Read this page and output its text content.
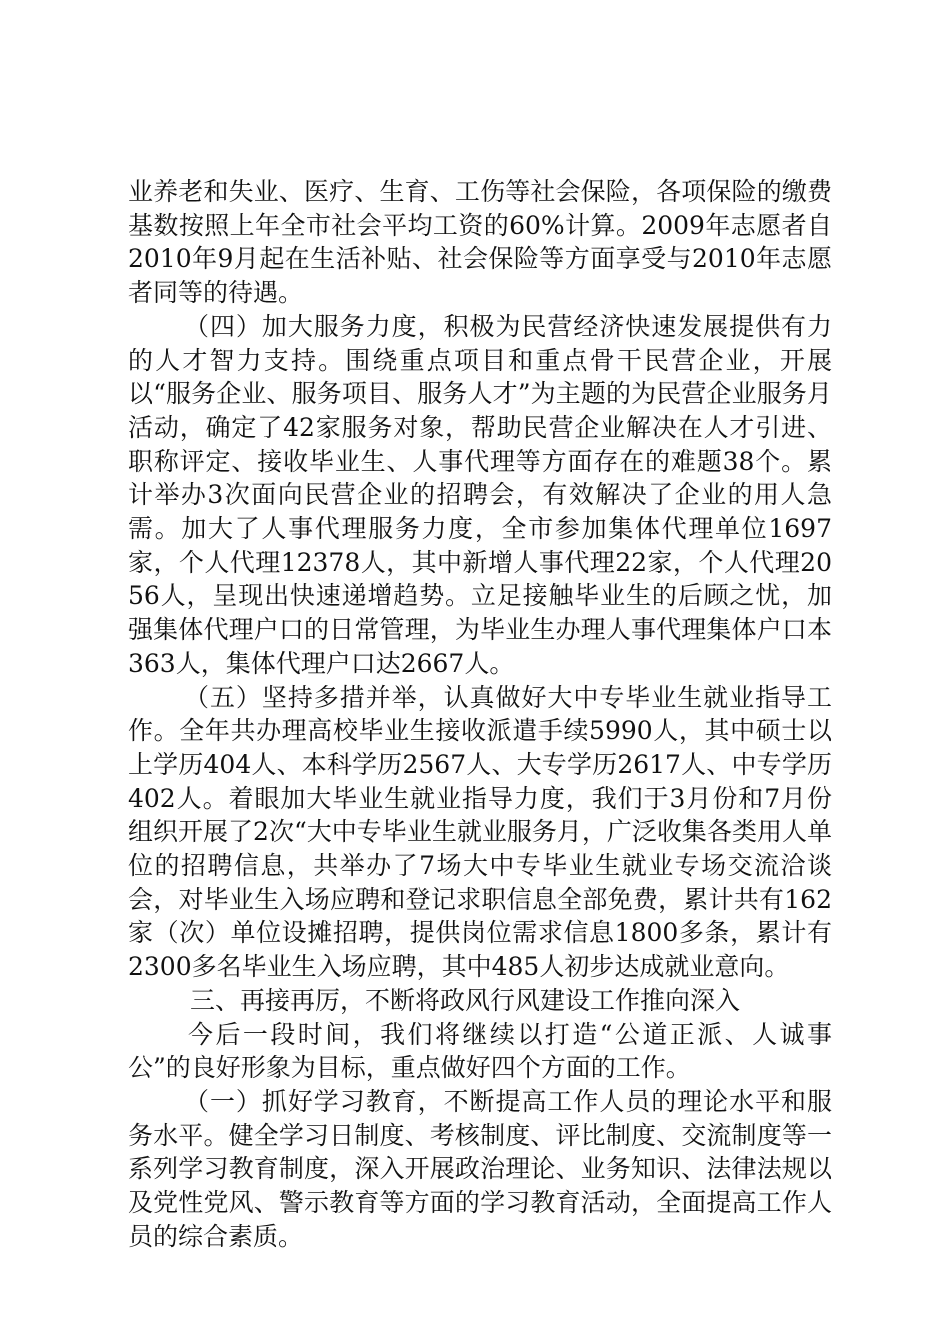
业养老和失业、医疗、生育、工伤等社会保险，各项保险的缴费基数按照上年全市社会平均工资的60%计算。2009年志愿者自2010年9月起在生活补贴、社会保险等方面享受与2010年志愿者同等的待遇。

（四）加大服务力度，积极为民营经济快速发展提供有力的人才智力支持。围绕重点项目和重点骨干民营企业，开展以“服务企业、服务项目、服务人才”为主题的为民营企业服务月活动，确定了42家服务对象，帮助民营企业解决在人才引进、职称评定、接收毕业生、人事代理等方面存在的难题38个。累计举办3次面向民营企业的招聘会，有效解决了企业的用人急需。加大了人事代理服务力度，全市参加集体代理单位1697家，个人代理12378人，其中新增人事代理22家，个人代理2056人，呈现出快速递增趋势。立足接触毕业生的后顾之忧，加强集体代理户口的日常管理，为毕业生办理人事代理集体户口本363人，集体代理户口达2667人。

（五）坚持多措并举，认真做好大中专毕业生就业指导工作。全年共办理高校毕业生接收派遣手续5990人，其中硕士以上学历404人、本科学历2567人、大专学历2617人、中专学历402人。着眼加大毕业生就业指导力度，我们于3月份和7月份组织开展了2次“大中专毕业生就业服务月，广泛收集各类用人单位的招聘信息，共举办了7场大中专毕业生就业专场交流洽谈会，对毕业生入场应聘和登记求职信息全部免费，累计共有162家（次）单位设摊招聘，提供岗位需求信息1800多条，累计有2300多名毕业生入场应聘，其中485人初步达成就业意向。

三、再接再厉，不断将政风行风建设工作推向深入

今后一段时间，我们将继续以打造“公道正派、人诚事公”的良好形象为目标，重点做好四个方面的工作。

（一）抓好学习教育，不断提高工作人员的理论水平和服务水平。健全学习日制度、考核制度、评比制度、交流制度等一系列学习教育制度，深入开展政治理论、业务知识、法律法规以及党性党风、警示教育等方面的学习教育活动，全面提高工作人员的综合素质。
